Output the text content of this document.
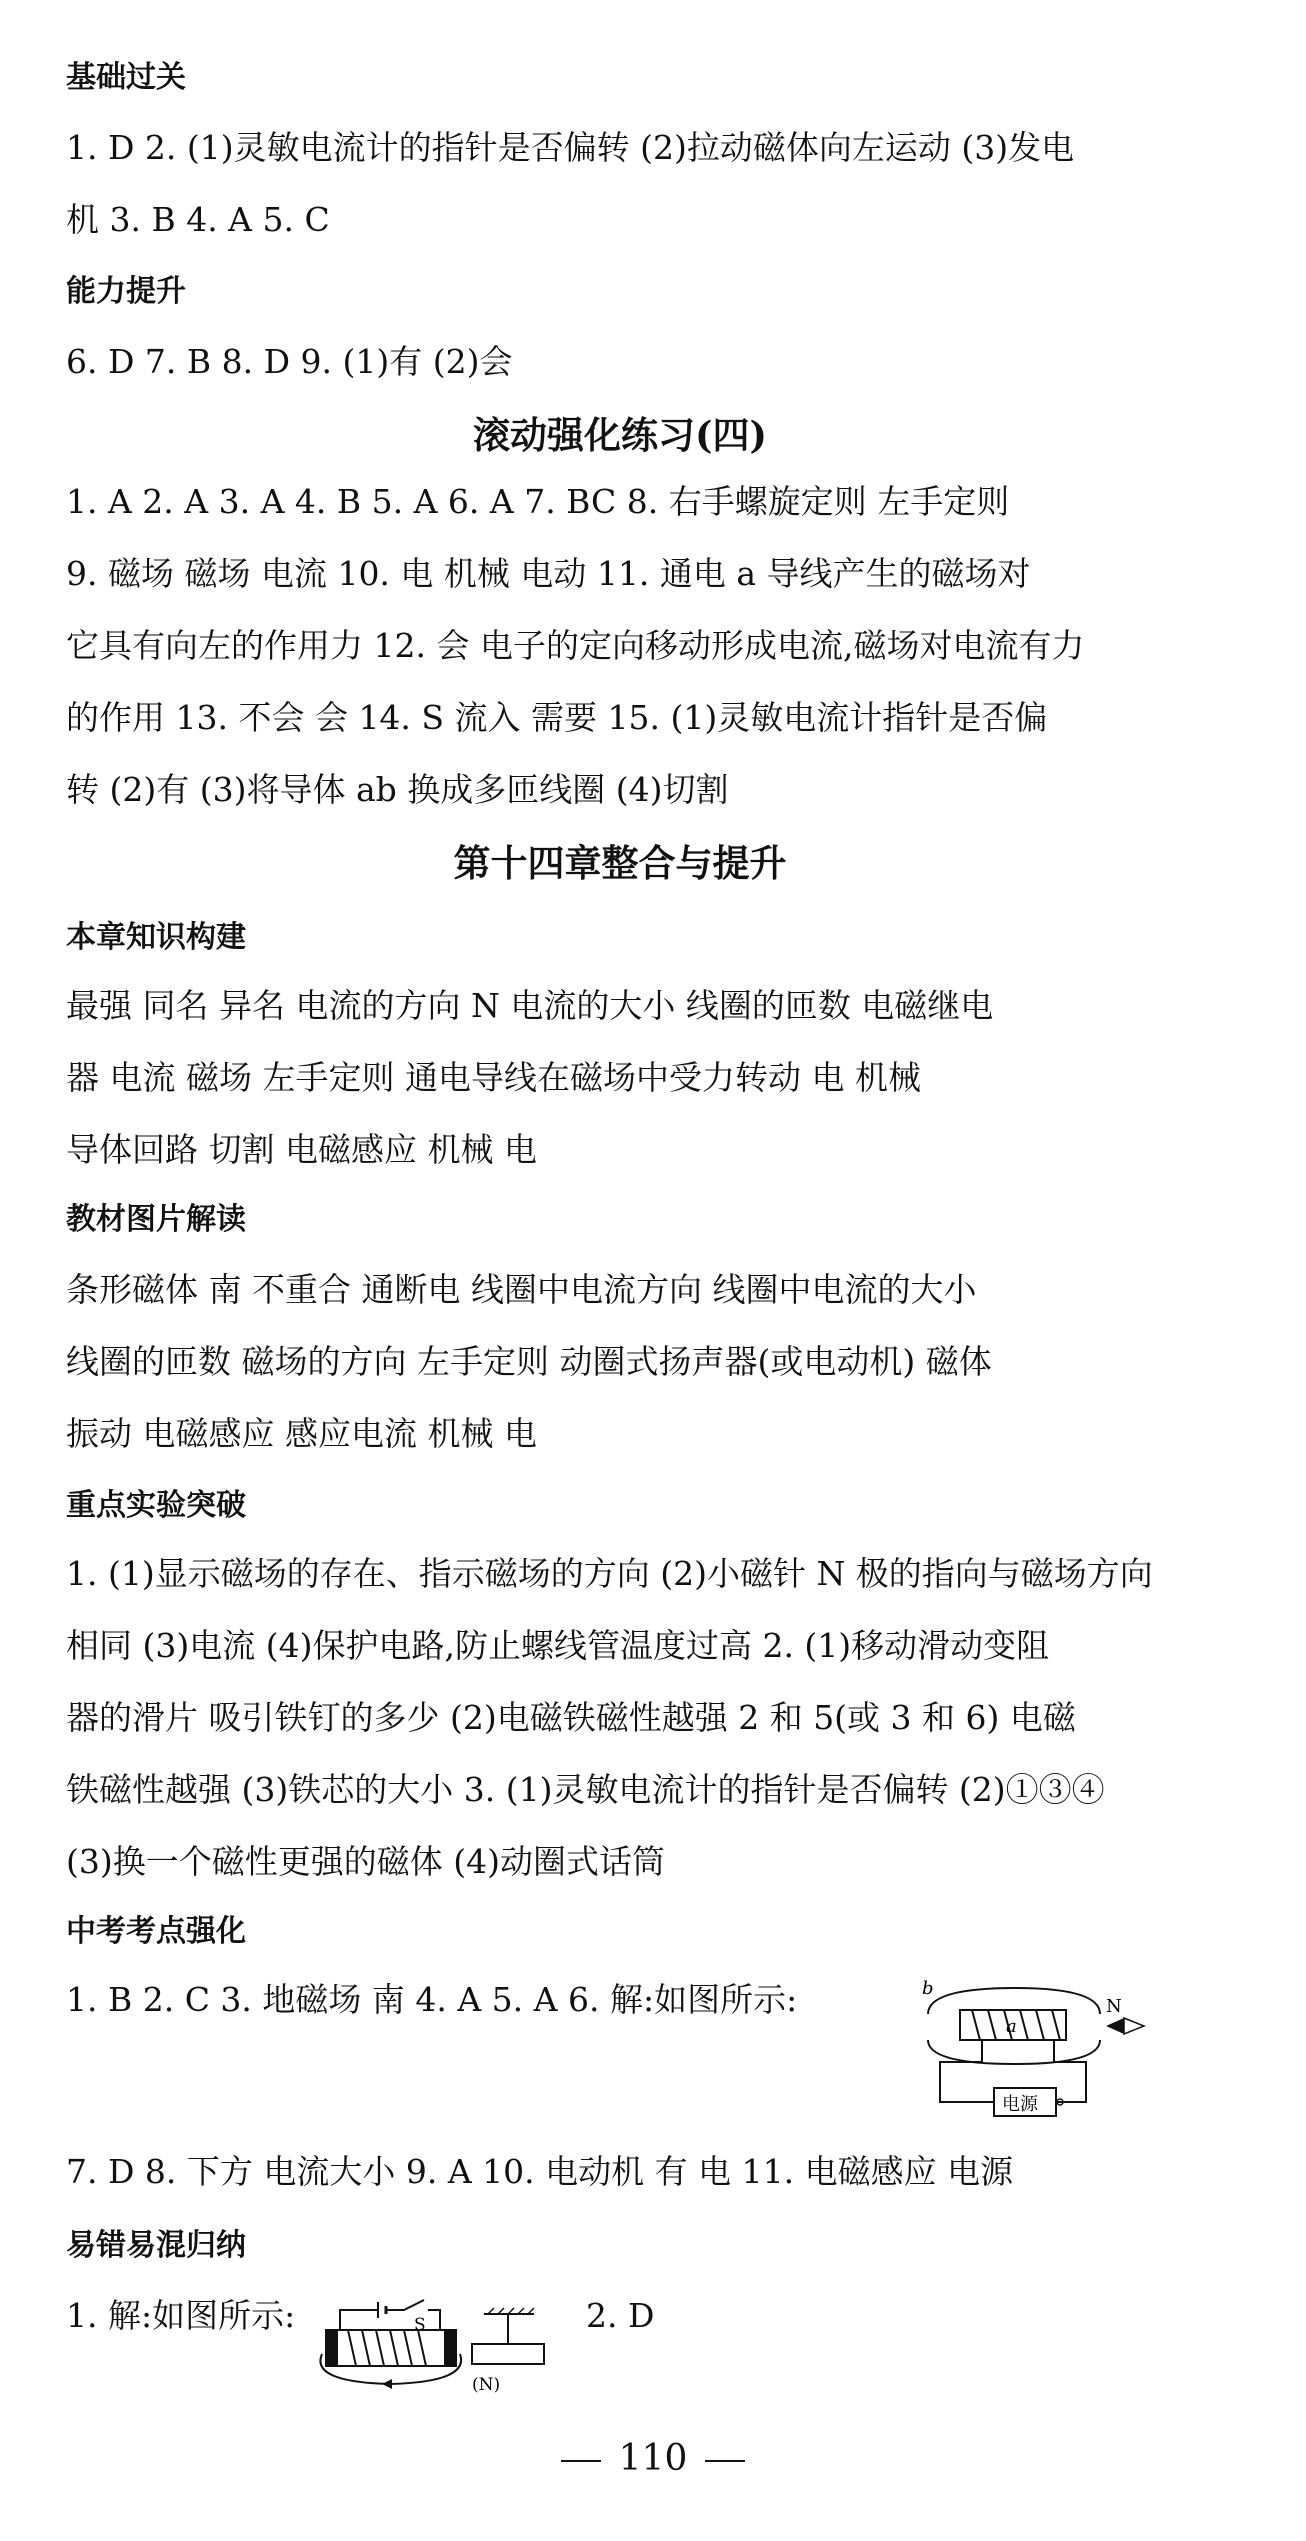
基础过关
1. D 2. (1)灵敏电流计的指针是否偏转 (2)拉动磁体向左运动 (3)发电
机 3. B 4. A 5. C
能力提升
6. D 7. B 8. D 9. (1)有 (2)会
滚动强化练习(四)
1. A 2. A 3. A 4. B 5. A 6. A 7. BC 8. 右手螺旋定则 左手定则
9. 磁场 磁场 电流 10. 电 机械 电动 11. 通电 a 导线产生的磁场对
它具有向左的作用力 12. 会 电子的定向移动形成电流,磁场对电流有力
的作用 13. 不会 会 14. S 流入 需要 15. (1)灵敏电流计指针是否偏
转 (2)有 (3)将导体 ab 换成多匝线圈 (4)切割
第十四章整合与提升
本章知识构建
最强 同名 异名 电流的方向 N 电流的大小 线圈的匝数 电磁继电
器 电流 磁场 左手定则 通电导线在磁场中受力转动 电 机械
导体回路 切割 电磁感应 机械 电
教材图片解读
条形磁体 南 不重合 通断电 线圈中电流方向 线圈中电流的大小
线圈的匝数 磁场的方向 左手定则 动圈式扬声器(或电动机) 磁体
振动 电磁感应 感应电流 机械 电
重点实验突破
1. (1)显示磁场的存在、指示磁场的方向 (2)小磁针 N 极的指向与磁场方向
相同 (3)电流 (4)保护电路,防止螺线管温度过高 2. (1)移动滑动变阻
器的滑片 吸引铁钉的多少 (2)电磁铁磁性越强 2 和 5(或 3 和 6) 电磁
铁磁性越强 (3)铁芯的大小 3. (1)灵敏电流计的指针是否偏转 (2)①③④
(3)换一个磁性更强的磁体 (4)动圈式话筒
中考考点强化
1. B 2. C 3. 地磁场 南 4. A 5. A 6. 解:如图所示:	b
a
N
电源
7. D 8. 下方 电流大小 9. A 10. 电动机 有 电 11. 电磁感应 电源
易错易混归纳
1. 解:如图所示:	S
(N)
2. D
110
